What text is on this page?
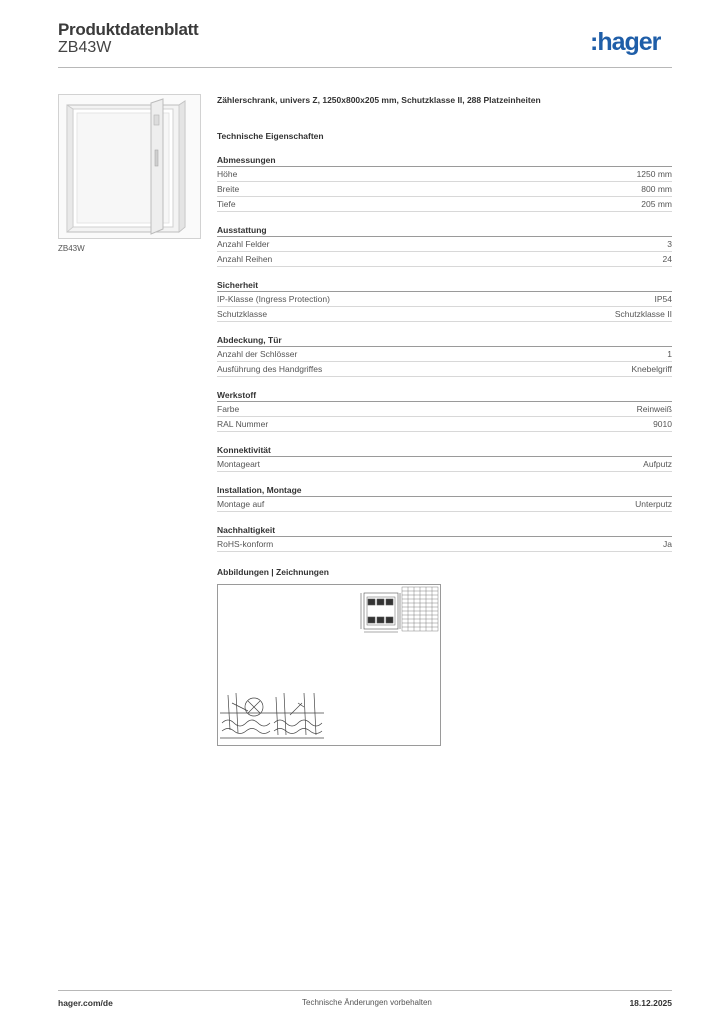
Produktdatenblatt
ZB43W	:hager
ZB43W
Zählerschrank, univers Z, 1250x800x205 mm, Schutzklasse II, 288 Platzeinheiten
Technische Eigenschaften
Abmessungen
Höhe	1250 mm
Breite	800 mm
Tiefe	205 mm
Ausstattung
Anzahl Felder	3
Anzahl Reihen	24
Sicherheit
IP-Klasse (Ingress Protection)	IP54
Schutzklasse	Schutzklasse II
Abdeckung, Tür
Anzahl der Schlösser	1
Ausführung des Handgriffes	Knebelgriff
Werkstoff
Farbe	Reinweiß
RAL Nummer	9010
Konnektivität
Montageart	Aufputz
Installation, Montage
Montage auf	Unterputz
Nachhaltigkeit
RoHS-konform	Ja
Abbildungen | Zeichnungen
hager.com/de	Technische Änderungen vorbehalten	18.12.2025
